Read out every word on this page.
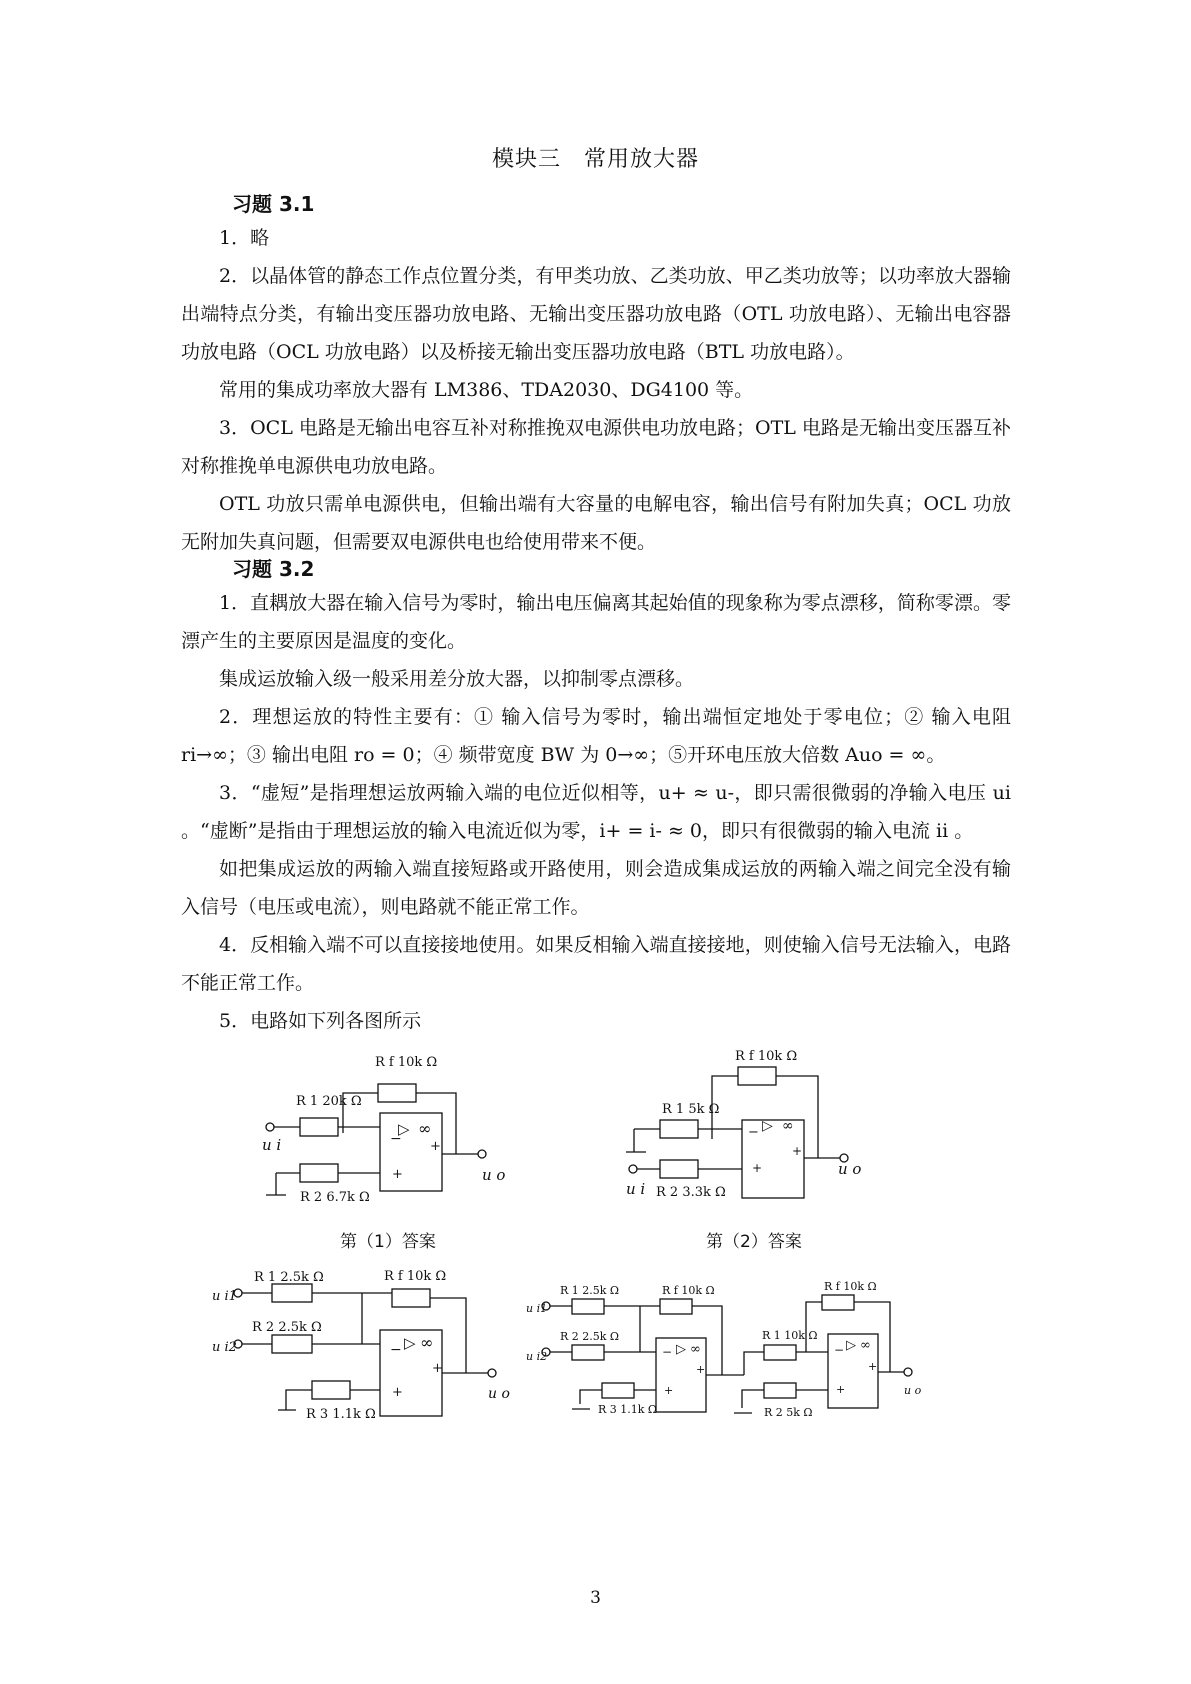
模块三　常用放大器
习题 3.1

1．略

2．以晶体管的静态工作点位置分类，有甲类功放、乙类功放、甲乙类功放等；以功率放大器输出端特点分类，有输出变压器功放电路、无输出变压器功放电路（OTL 功放电路）、无输出电容器功放电路（OCL 功放电路）以及桥接无输出变压器功放电路（BTL 功放电路）。

常用的集成功率放大器有 LM386、TDA2030、DG4100 等。

3．OCL 电路是无输出电容互补对称推挽双电源供电功放电路；OTL 电路是无输出变压器互补对称推挽单电源供电功放电路。

OTL 功放只需单电源供电，但输出端有大容量的电解电容，输出信号有附加失真；OCL 功放无附加失真问题，但需要双电源供电也给使用带来不便。

习题 3.2

1．直耦放大器在输入信号为零时，输出电压偏离其起始值的现象称为零点漂移，简称零漂。零漂产生的主要原因是温度的变化。

集成运放输入级一般采用差分放大器，以抑制零点漂移。

2．理想运放的特性主要有：① 输入信号为零时，输出端恒定地处于零电位；② 输入电阻 ri→∞；③ 输出电阻 ro = 0；④ 频带宽度 BW 为 0→∞；⑤开环电压放大倍数 Auo = ∞。

3．“虚短”是指理想运放两输入端的电位近似相等，u+ ≈ u-，即只需很微弱的净输入电压 ui 。“虚断”是指由于理想运放的输入电流近似为零，i+ = i- ≈ 0，即只有很微弱的输入电流 ii 。

如把集成运放的两输入端直接短路或开路使用，则会造成集成运放的两输入端之间完全没有输入信号（电压或电流），则电路就不能正常工作。

4．反相输入端不可以直接接地使用。如果反相输入端直接接地，则使输入信号无法输入，电路不能正常工作。

5．电路如下列各图所示

R f 10k Ω
R 1 20k Ω
R 2 6.7k Ω
u i
u o
▷ ∞
−
+
+
第（1）答案
R f 10k Ω
R 1 5k Ω
R 2 3.3k Ω
u i
u o
▷ ∞
−
+
+
第（2）答案
R 1 2.5k Ω	R f 10k Ω
R 2 2.5k Ω
R 3 1.1k Ω
u i1
u i2
u o
▷ ∞
−
+
+
R 1 2.5k Ω	R f 10k Ω
R 2 2.5k Ω
R 3 1.1k Ω
R 1 10k Ω
R f 10k Ω
R 2 5k Ω
u i1
u i2
u o
▷ ∞
−
+
+
▷ ∞
−
+
+
3
